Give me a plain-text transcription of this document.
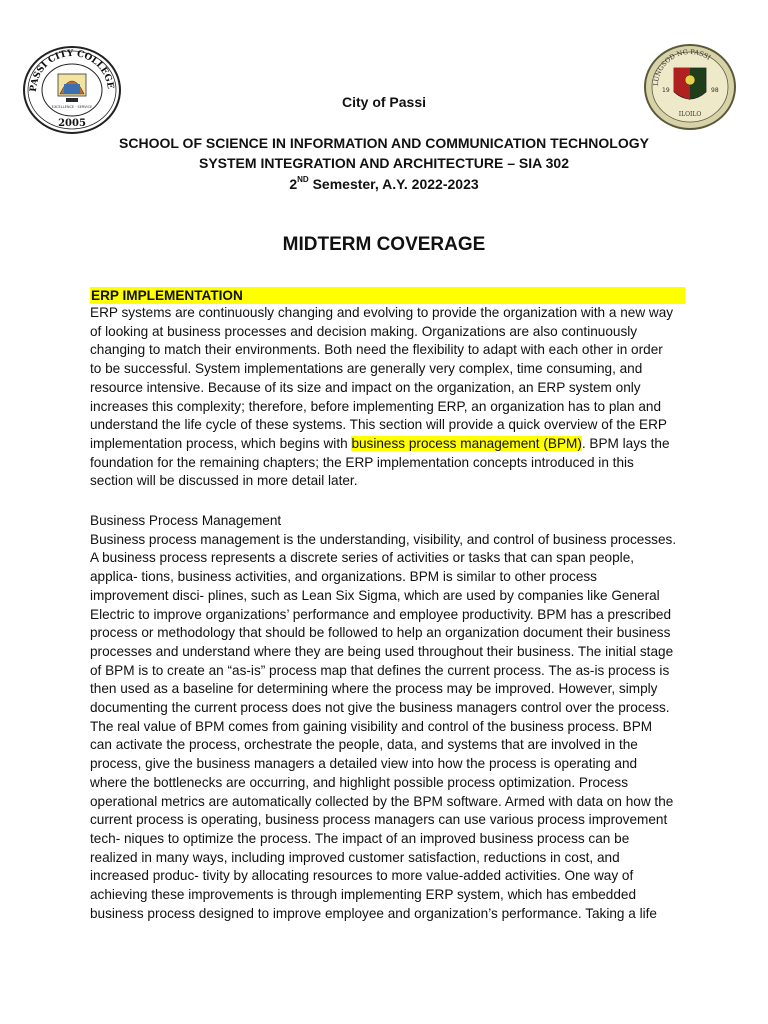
PASSI CITY COLLEGE
EXCELLENCE · SERVICE
2005
LUNGSOD NG PASSI
19	98
ILOILO
City of Passi
SCHOOL OF SCIENCE IN INFORMATION AND COMMUNICATION TECHNOLOGY
SYSTEM INTEGRATION AND ARCHITECTURE – SIA 302
2ND Semester, A.Y. 2022-2023
MIDTERM COVERAGE
ERP IMPLEMENTATION
ERP systems are continuously changing and evolving to provide the organization with a new way
of looking at business processes and decision making. Organizations are also continuously
changing to match their environments. Both need the flexibility to adapt with each other in order
to be successful. System implementations are generally very complex, time consuming, and
resource intensive. Because of its size and impact on the organization, an ERP system only
increases this complexity; therefore, before implementing ERP, an organization has to plan and
understand the life cycle of these systems. This section will provide a quick overview of the ERP
implementation process, which begins with business process management (BPM). BPM lays the
foundation for the remaining chapters; the ERP implementation concepts introduced in this
section will be discussed in more detail later.
Business Process Management
Business process management is the understanding, visibility, and control of business processes.
A business process represents a discrete series of activities or tasks that can span people,
applica- tions, business activities, and organizations. BPM is similar to other process
improvement disci- plines, such as Lean Six Sigma, which are used by companies like General
Electric to improve organizations’ performance and employee productivity. BPM has a prescribed
process or methodology that should be followed to help an organization document their business
processes and understand where they are being used throughout their business. The initial stage
of BPM is to create an “as-is” process map that defines the current process. The as-is process is
then used as a baseline for determining where the process may be improved. However, simply
documenting the current process does not give the business managers control over the process.
The real value of BPM comes from gaining visibility and control of the business process. BPM
can activate the process, orchestrate the people, data, and systems that are involved in the
process, give the business managers a detailed view into how the process is operating and
where the bottlenecks are occurring, and highlight possible process optimization. Process
operational metrics are automatically collected by the BPM software. Armed with data on how the
current process is operating, business process managers can use various process improvement
tech- niques to optimize the process. The impact of an improved business process can be
realized in many ways, including improved customer satisfaction, reductions in cost, and
increased produc- tivity by allocating resources to more value-added activities. One way of
achieving these improvements is through implementing ERP system, which has embedded
business process designed to improve employee and organization’s performance. Taking a life
